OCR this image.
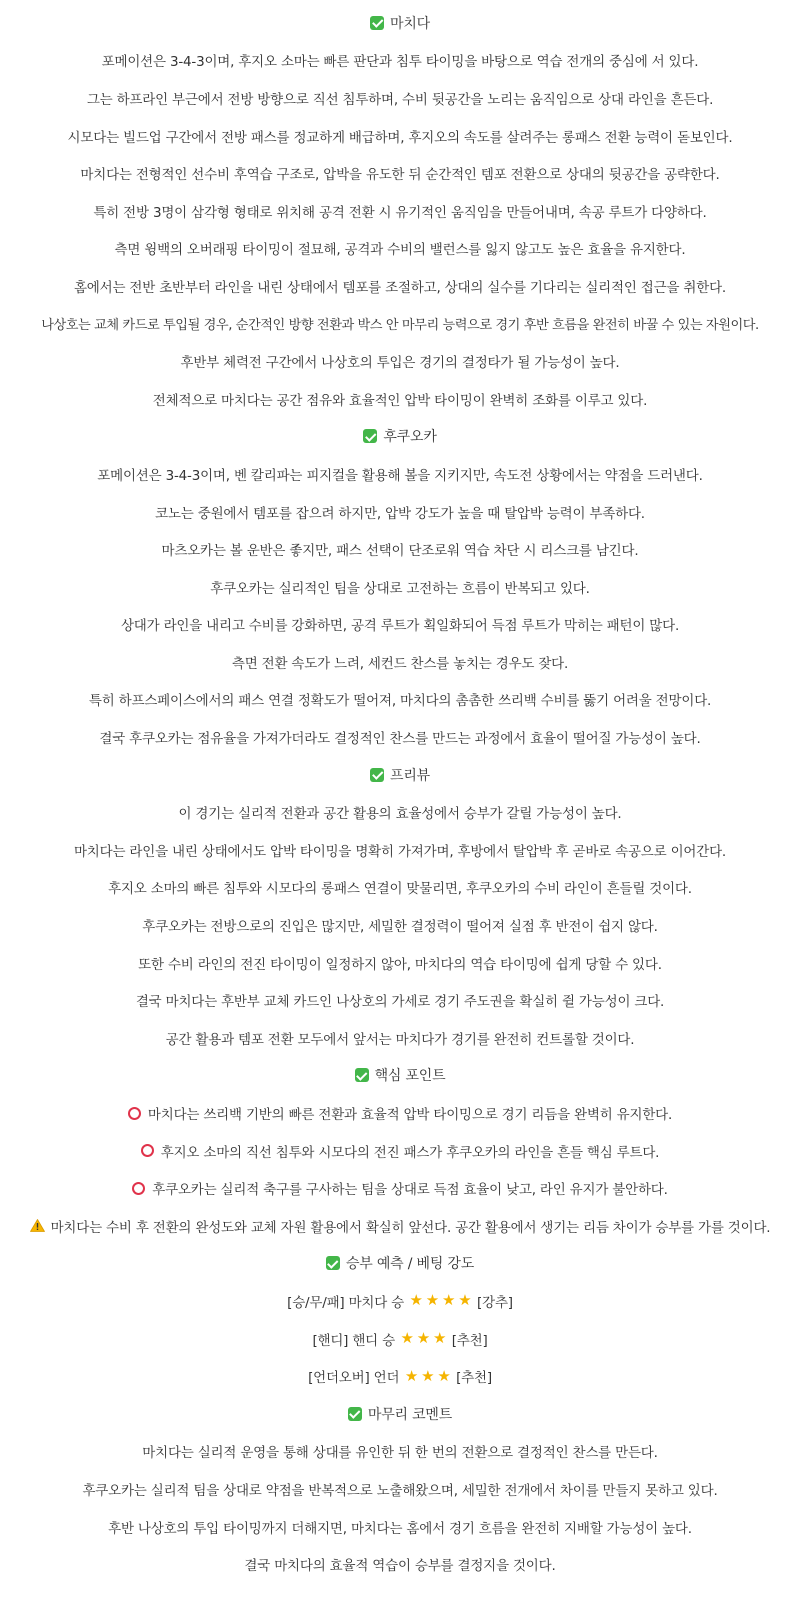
마치다
포메이션은 3-4-3이며, 후지오 소마는 빠른 판단과 침투 타이밍을 바탕으로 역습 전개의 중심에 서 있다.
그는 하프라인 부근에서 전방 방향으로 직선 침투하며, 수비 뒷공간을 노리는 움직임으로 상대 라인을 흔든다.
시모다는 빌드업 구간에서 전방 패스를 정교하게 배급하며, 후지오의 속도를 살려주는 롱패스 전환 능력이 돋보인다.
마치다는 전형적인 선수비 후역습 구조로, 압박을 유도한 뒤 순간적인 템포 전환으로 상대의 뒷공간을 공략한다.
특히 전방 3명이 삼각형 형태로 위치해 공격 전환 시 유기적인 움직임을 만들어내며, 속공 루트가 다양하다.
측면 윙백의 오버래핑 타이밍이 절묘해, 공격과 수비의 밸런스를 잃지 않고도 높은 효율을 유지한다.
홈에서는 전반 초반부터 라인을 내린 상태에서 템포를 조절하고, 상대의 실수를 기다리는 실리적인 접근을 취한다.
나상호는 교체 카드로 투입될 경우, 순간적인 방향 전환과 박스 안 마무리 능력으로 경기 후반 흐름을 완전히 바꿀 수 있는 자원이다.
후반부 체력전 구간에서 나상호의 투입은 경기의 결정타가 될 가능성이 높다.
전체적으로 마치다는 공간 점유와 효율적인 압박 타이밍이 완벽히 조화를 이루고 있다.
후쿠오카
포메이션은 3-4-3이며, 벤 칼리파는 피지컬을 활용해 볼을 지키지만, 속도전 상황에서는 약점을 드러낸다.
코노는 중원에서 템포를 잡으려 하지만, 압박 강도가 높을 때 탈압박 능력이 부족하다.
마츠오카는 볼 운반은 좋지만, 패스 선택이 단조로워 역습 차단 시 리스크를 남긴다.
후쿠오카는 실리적인 팀을 상대로 고전하는 흐름이 반복되고 있다.
상대가 라인을 내리고 수비를 강화하면, 공격 루트가 획일화되어 득점 루트가 막히는 패턴이 많다.
측면 전환 속도가 느려, 세컨드 찬스를 놓치는 경우도 잦다.
특히 하프스페이스에서의 패스 연결 정확도가 떨어져, 마치다의 촘촘한 쓰리백 수비를 뚫기 어려울 전망이다.
결국 후쿠오카는 점유율을 가져가더라도 결정적인 찬스를 만드는 과정에서 효율이 떨어질 가능성이 높다.
프리뷰
이 경기는 실리적 전환과 공간 활용의 효율성에서 승부가 갈릴 가능성이 높다.
마치다는 라인을 내린 상태에서도 압박 타이밍을 명확히 가져가며, 후방에서 탈압박 후 곧바로 속공으로 이어간다.
후지오 소마의 빠른 침투와 시모다의 롱패스 연결이 맞물리면, 후쿠오카의 수비 라인이 흔들릴 것이다.
후쿠오카는 전방으로의 진입은 많지만, 세밀한 결정력이 떨어져 실점 후 반전이 쉽지 않다.
또한 수비 라인의 전진 타이밍이 일정하지 않아, 마치다의 역습 타이밍에 쉽게 당할 수 있다.
결국 마치다는 후반부 교체 카드인 나상호의 가세로 경기 주도권을 확실히 쥘 가능성이 크다.
공간 활용과 템포 전환 모두에서 앞서는 마치다가 경기를 완전히 컨트롤할 것이다.
핵심 포인트
마치다는 쓰리백 기반의 빠른 전환과 효율적 압박 타이밍으로 경기 리듬을 완벽히 유지한다.
후지오 소마의 직선 침투와 시모다의 전진 패스가 후쿠오카의 라인을 흔들 핵심 루트다.
후쿠오카는 실리적 축구를 구사하는 팀을 상대로 득점 효율이 낮고, 라인 유지가 불안하다.
마치다는 수비 후 전환의 완성도와 교체 자원 활용에서 확실히 앞선다. 공간 활용에서 생기는 리듬 차이가 승부를 가를 것이다.
승부 예측 / 베팅 강도
[승/무/패] 마치다 승 ★ ★ ★ ★ [강추]
[핸디] 핸디 승 ★ ★ ★ [추천]
[언더오버] 언더 ★ ★ ★ [추천]
마무리 코멘트
마치다는 실리적 운영을 통해 상대를 유인한 뒤 한 번의 전환으로 결정적인 찬스를 만든다.
후쿠오카는 실리적 팀을 상대로 약점을 반복적으로 노출해왔으며, 세밀한 전개에서 차이를 만들지 못하고 있다.
후반 나상호의 투입 타이밍까지 더해지면, 마치다는 홈에서 경기 흐름을 완전히 지배할 가능성이 높다.
결국 마치다의 효율적 역습이 승부를 결정지을 것이다.
